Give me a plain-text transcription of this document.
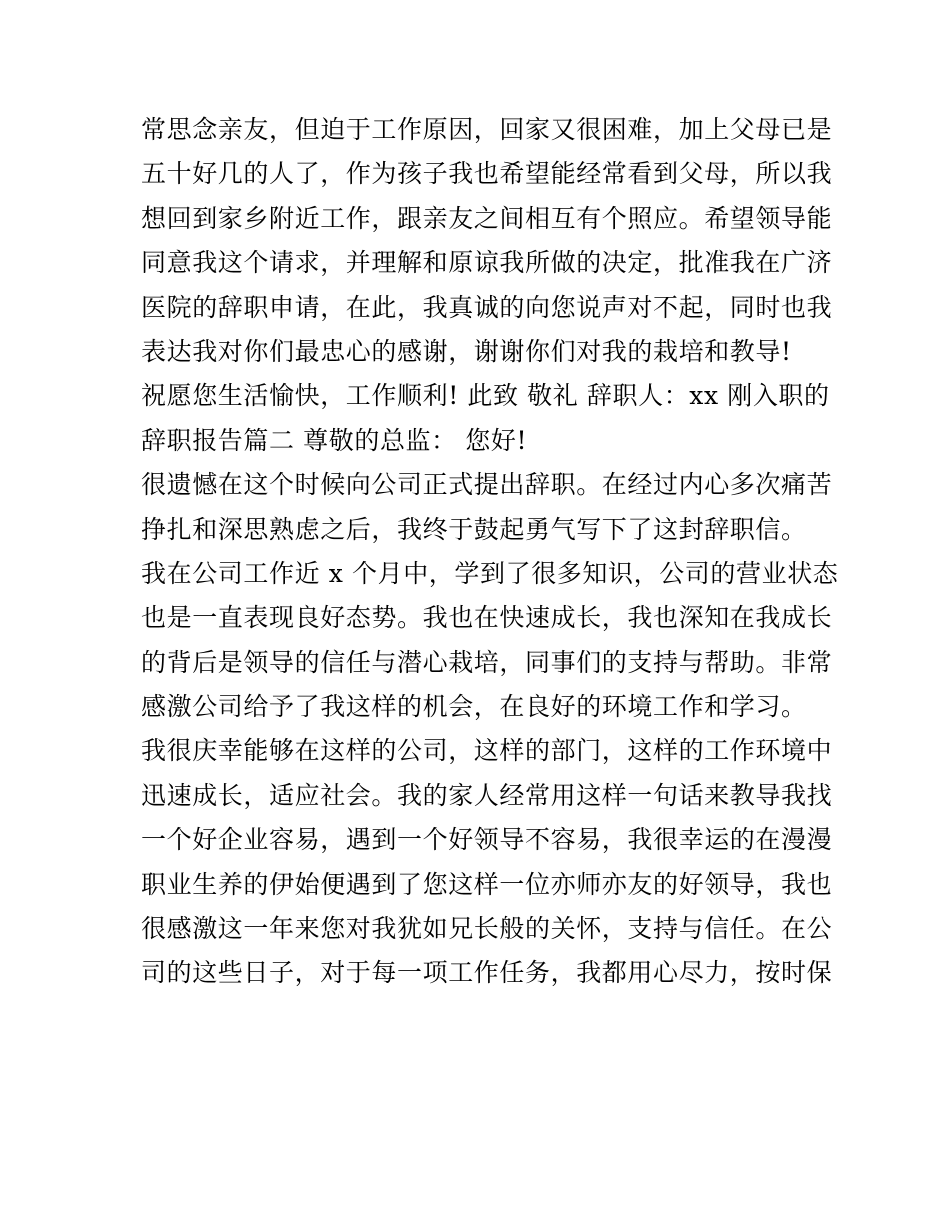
常思念亲友，但迫于工作原因，回家又很困难，加上父母已是
五十好几的人了，作为孩子我也希望能经常看到父母，所以我
想回到家乡附近工作，跟亲友之间相互有个照应。希望领导能
同意我这个请求，并理解和原谅我所做的决定，批准我在广济
医院的辞职申请，在此，我真诚的向您说声对不起，同时也我
表达我对你们最忠心的感谢，谢谢你们对我的栽培和教导!
祝愿您生活愉快，工作顺利! 此致 敬礼 辞职人：xx 刚入职的
辞职报告篇二 尊敬的总监： 您好!
很遗憾在这个时候向公司正式提出辞职。在经过内心多次痛苦
挣扎和深思熟虑之后，我终于鼓起勇气写下了这封辞职信。
我在公司工作近 x 个月中，学到了很多知识，公司的营业状态
也是一直表现良好态势。我也在快速成长，我也深知在我成长
的背后是领导的信任与潜心栽培，同事们的支持与帮助。非常
感激公司给予了我这样的机会，在良好的环境工作和学习。
我很庆幸能够在这样的公司，这样的部门，这样的工作环境中
迅速成长，适应社会。我的家人经常用这样一句话来教导我找
一个好企业容易，遇到一个好领导不容易，我很幸运的在漫漫
职业生养的伊始便遇到了您这样一位亦师亦友的好领导，我也
很感激这一年来您对我犹如兄长般的关怀，支持与信任。在公
司的这些日子，对于每一项工作任务，我都用心尽力，按时保
